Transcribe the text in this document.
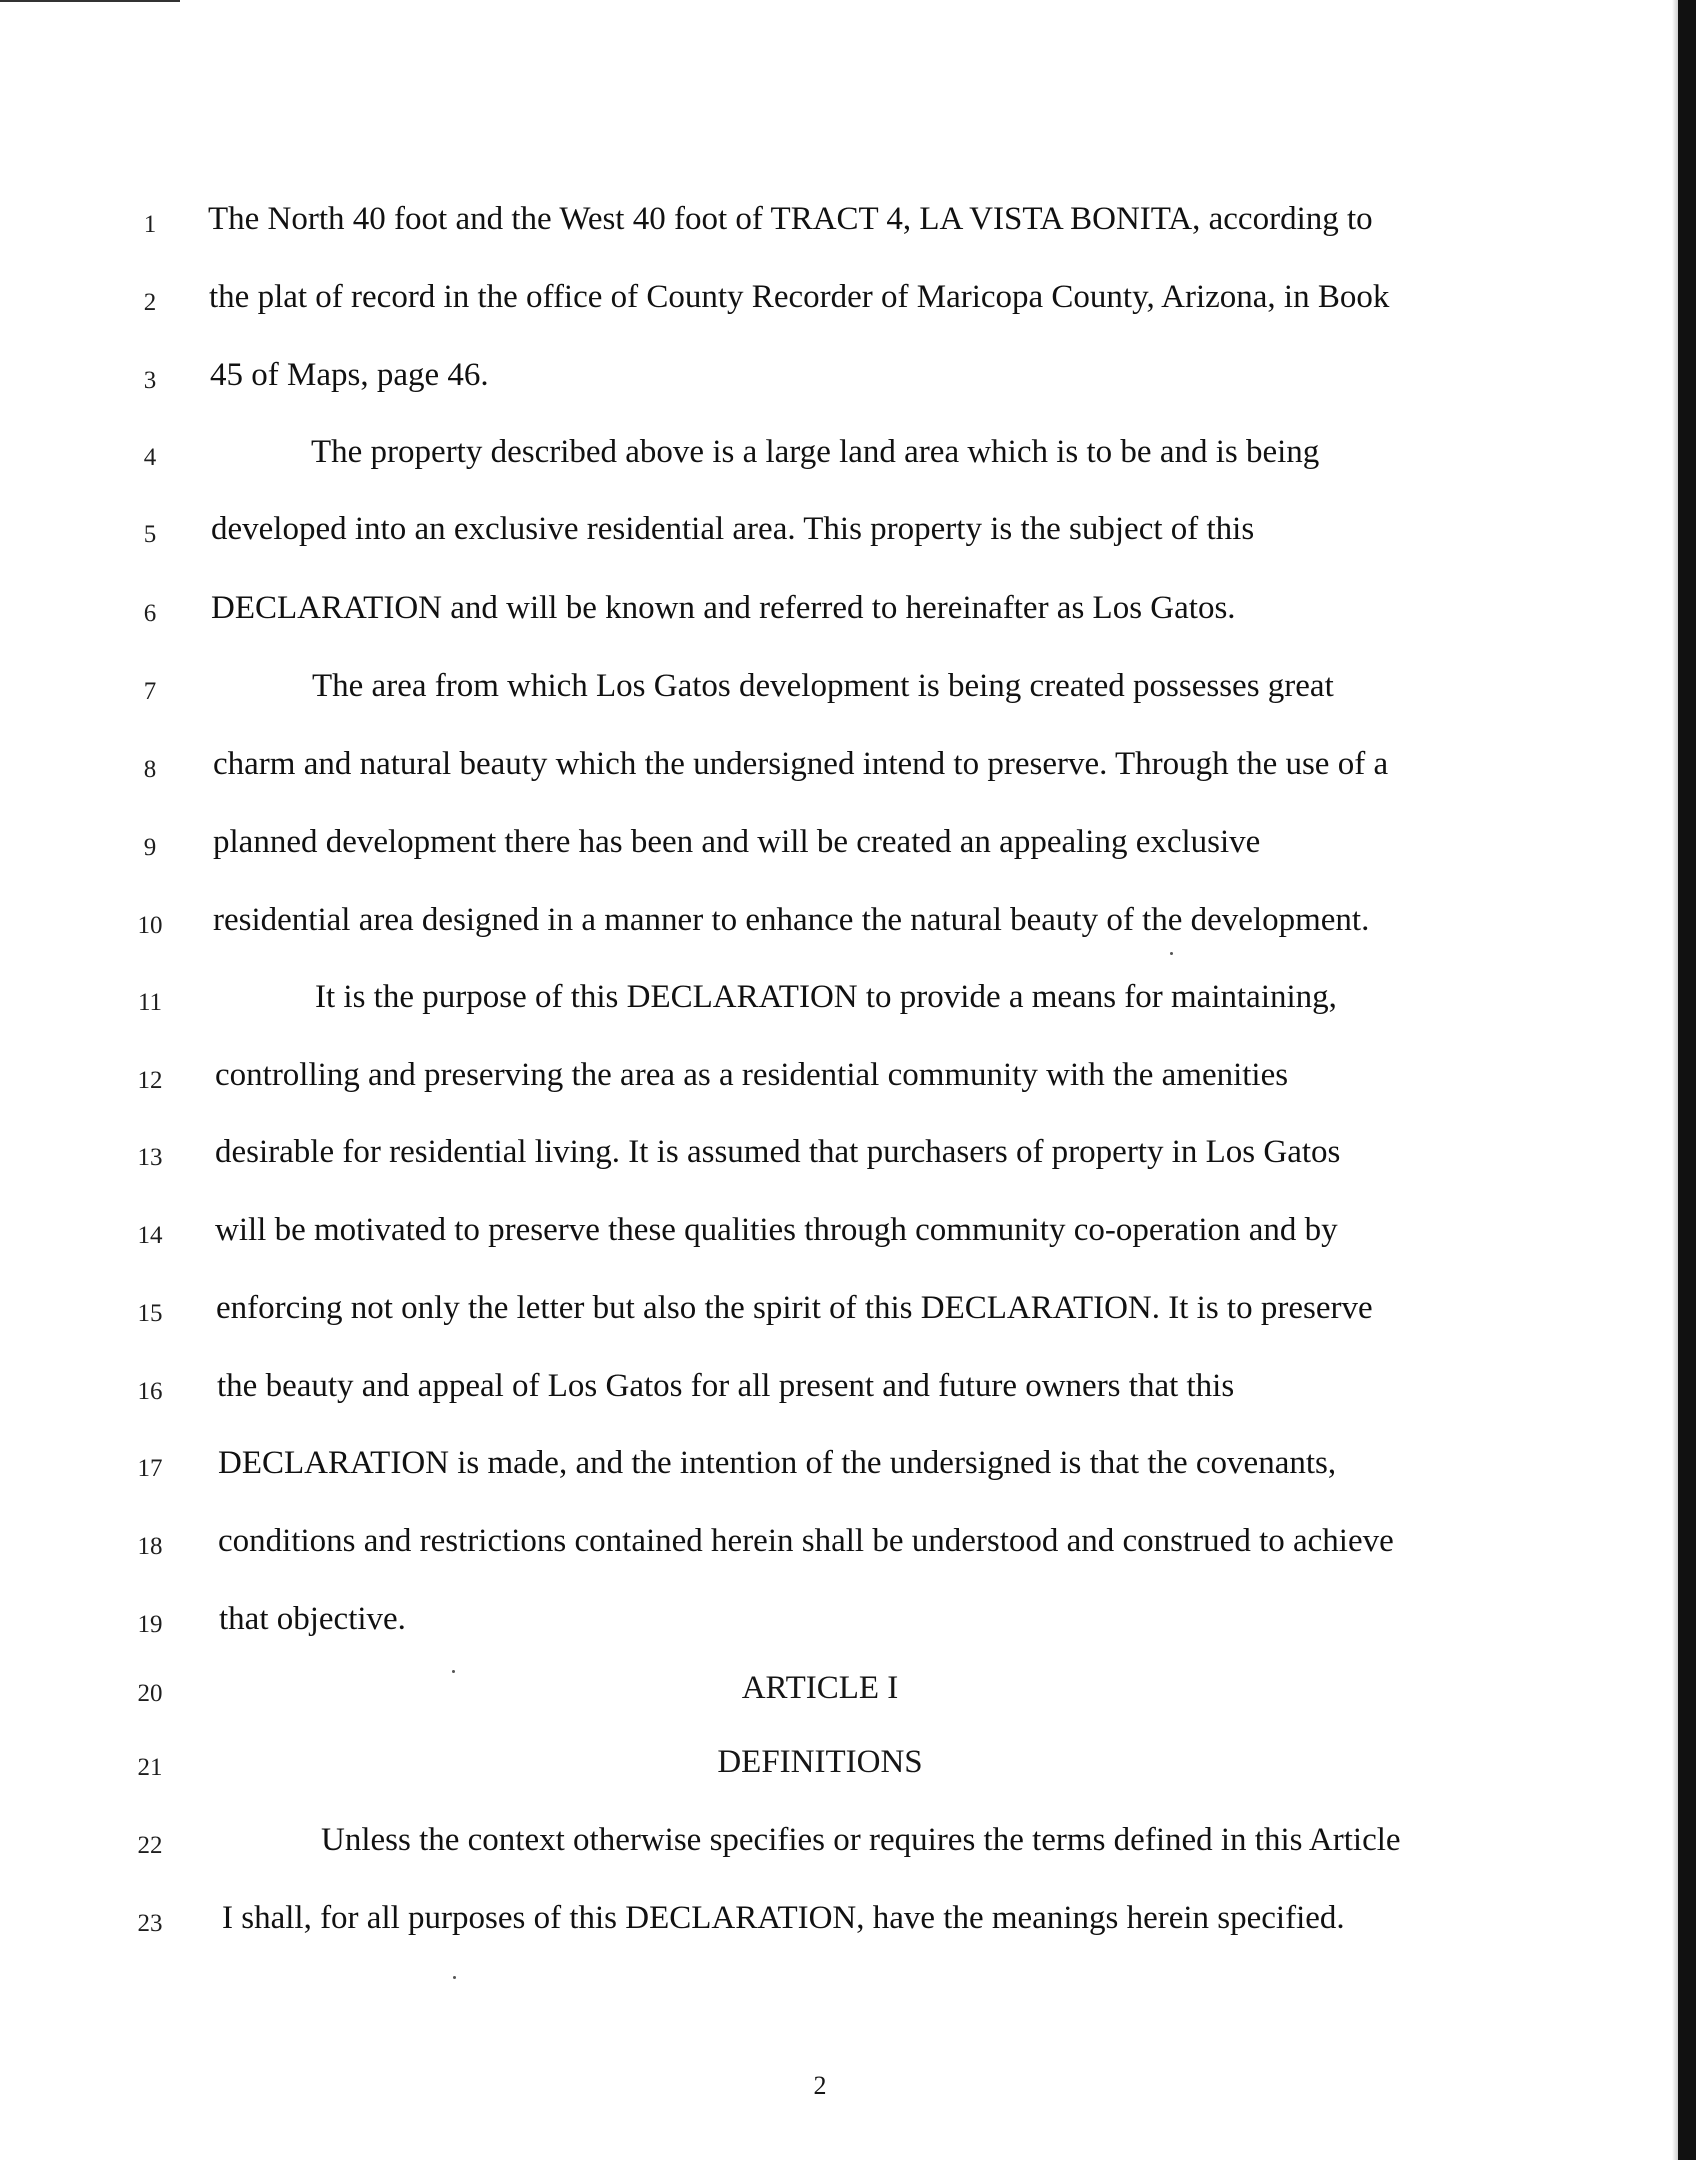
1	The North 40 foot and the West 40 foot of TRACT 4, LA VISTA BONITA, according to
2	the plat of record in the office of County Recorder of Maricopa County, Arizona, in Book
3	45 of Maps, page 46.
4	The property described above is a large land area which is to be and is being
5	developed into an exclusive residential area. This property is the subject of this
6	DECLARATION and will be known and referred to hereinafter as Los Gatos.
7	The area from which Los Gatos development is being created possesses great
8	charm and natural beauty which the undersigned intend to preserve. Through the use of a
9	planned development there has been and will be created an appealing exclusive
10	residential area designed in a manner to enhance the natural beauty of the development.
11	It is the purpose of this DECLARATION to provide a means for maintaining,
12	controlling and preserving the area as a residential community with the amenities
13	desirable for residential living. It is assumed that purchasers of property in Los Gatos
14	will be motivated to preserve these qualities through community co-operation and by
15	enforcing not only the letter but also the spirit of this DECLARATION. It is to preserve
16	the beauty and appeal of Los Gatos for all present and future owners that this
17	DECLARATION is made, and the intention of the undersigned is that the covenants,
18	conditions and restrictions contained herein shall be understood and construed to achieve
19	that objective.
20	ARTICLE I
21	DEFINITIONS
22	Unless the context otherwise specifies or requires the terms defined in this Article
23	I shall, for all purposes of this DECLARATION, have the meanings herein specified.
2
